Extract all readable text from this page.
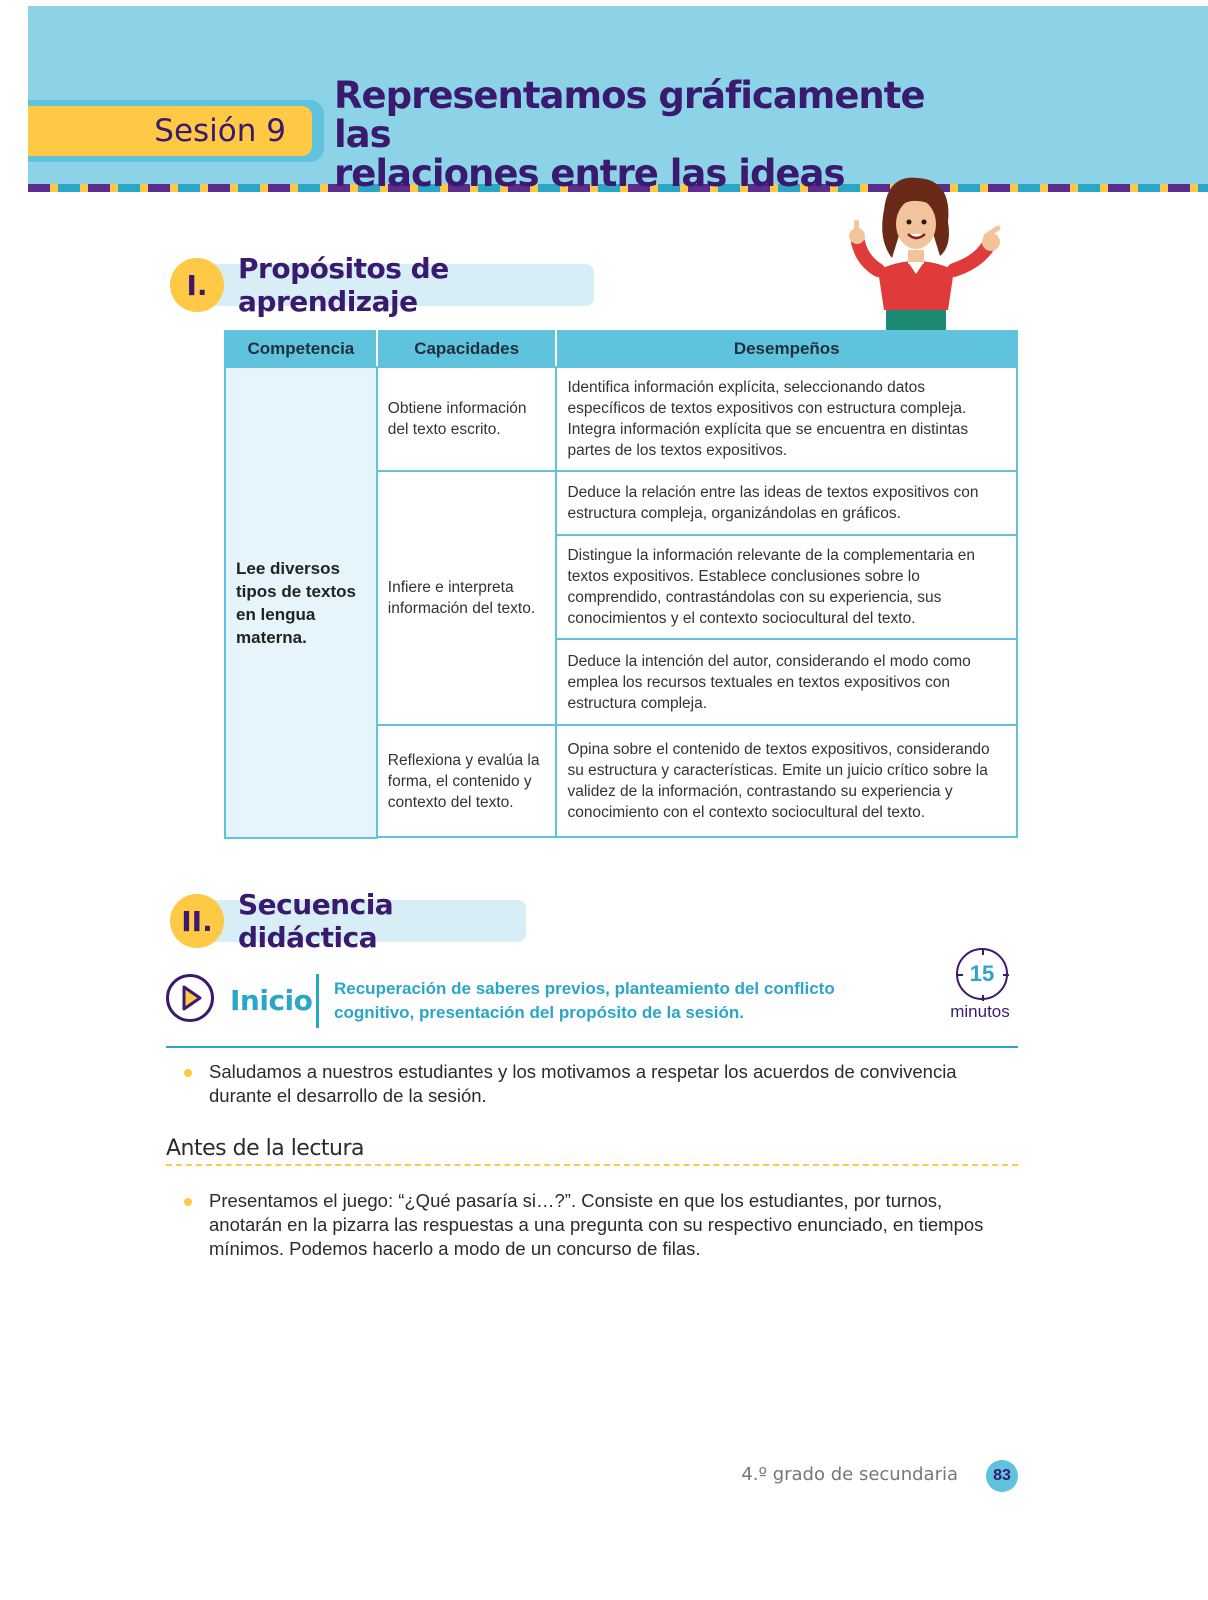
Sesión 9
Representamos gráficamente las
relaciones entre las ideas
I.	Propósitos de aprendizaje
Competencia	Capacidades	Desempeños
Lee diversos tipos de textos en lengua materna.	Obtiene información del texto escrito.	Identifica información explícita, seleccionando datos específicos de textos expositivos con estructura compleja. Integra información explícita que se encuentra en distintas partes de los textos expositivos.
	Infiere e interpreta información del texto.	Deduce la relación entre las ideas de textos expositivos con estructura compleja, organizándolas en gráficos.
		Distingue la información relevante de la complementaria en textos expositivos. Establece conclusiones sobre lo comprendido, contrastándolas con su experiencia, sus conocimientos y el contexto sociocultural del texto.
		Deduce la intención del autor, considerando el modo como emplea los recursos textuales en textos expositivos con estructura compleja.
	Reflexiona y evalúa la forma, el contenido y contexto del texto.	Opina sobre el contenido de textos expositivos, considerando su estructura y características. Emite un juicio crítico sobre la validez de la información, contrastando su experiencia y conocimiento con el contexto sociocultural del texto.

II. Secuencia didáctica
Inicio Recuperación de saberes previos, planteamiento del conflicto cognitivo, presentación del propósito de la sesión.
15
minutos
Saludamos a nuestros estudiantes y los motivamos a respetar los acuerdos de convivencia durante el desarrollo de la sesión.
Antes de la lectura
Presentamos el juego: “¿Qué pasaría si…?”. Consiste en que los estudiantes, por turnos, anotarán en la pizarra las respuestas a una pregunta con su respectivo enunciado, en tiempos mínimos. Podemos hacerlo a modo de un concurso de filas.
4.º grado de secundaria	83
